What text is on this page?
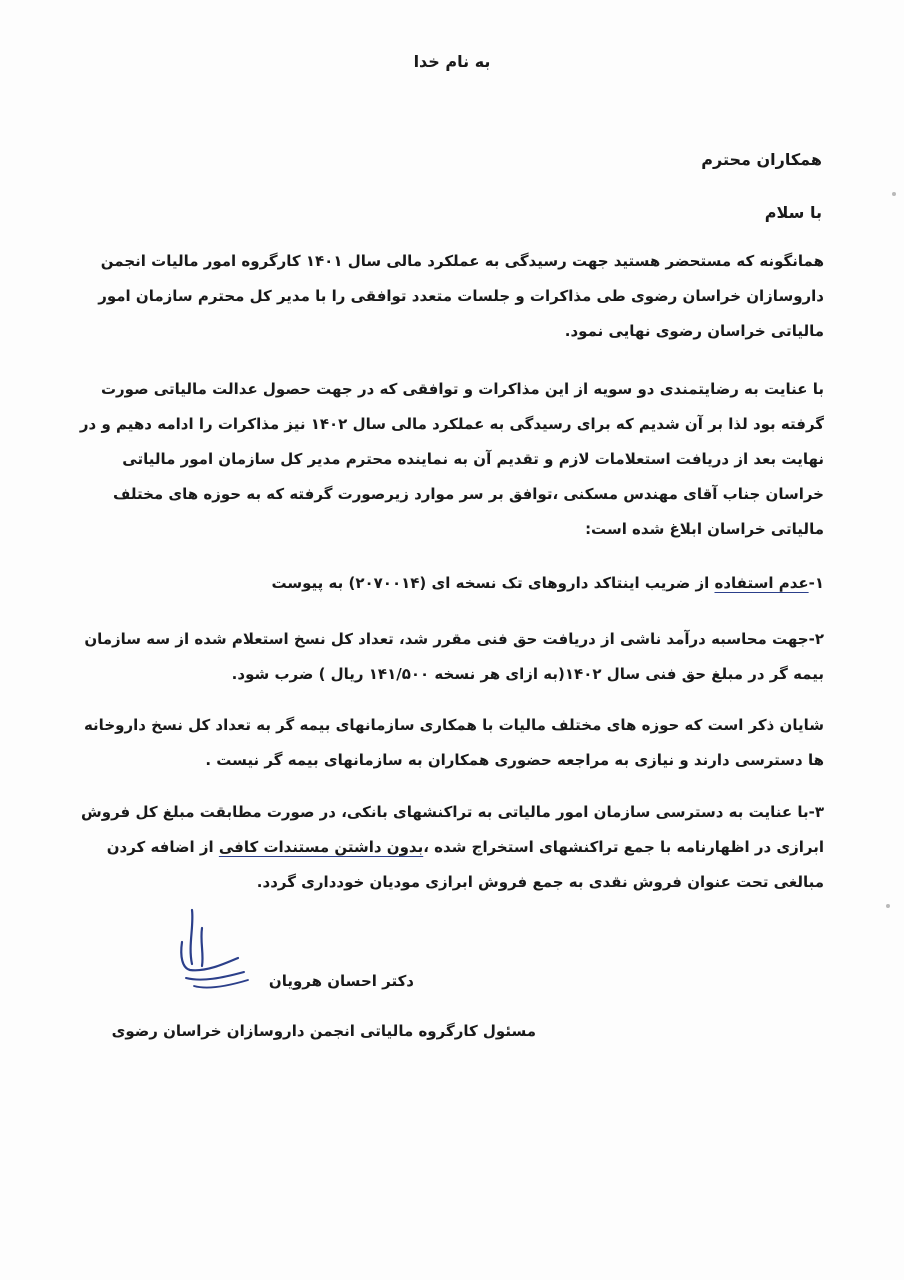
به نام خدا
همکاران محترم
با سلام
همانگونه که مستحضر هستید جهت رسیدگی به عملکرد مالی سال ۱۴۰۱ کارگروه امور مالیات انجمن
داروسازان خراسان رضوی طی مذاکرات و جلسات متعدد توافقی را با مدیر کل محترم سازمان امور
مالیاتی خراسان رضوی نهایی نمود.
با عنایت به رضایتمندی دو سویه از این مذاکرات و توافقی که در جهت حصول عدالت مالیاتی صورت
گرفته بود لذا بر آن شدیم که برای رسیدگی به عملکرد مالی سال ۱۴۰۲ نیز مذاکرات را ادامه دهیم و در
نهایت بعد از دریافت استعلامات لازم و تقدیم آن به نماینده محترم مدیر کل سازمان امور مالیاتی
خراسان جناب آقای مهندس مسکنی ،توافق بر سر موارد زیرصورت گرفته که به حوزه های مختلف
مالیاتی خراسان ابلاغ شده است:
۱-عدم استفاده از ضریب اینتاکد داروهای تک نسخه ای (۲۰۷۰۰۱۴) به پیوست
۲-جهت محاسبه درآمد ناشی از دریافت حق فنی مقرر شد، تعداد کل نسخ استعلام شده از سه سازمان
بیمه گر در مبلغ حق فنی سال ۱۴۰۲(به ازای هر نسخه ۱۴۱/۵۰۰ ریال ) ضرب شود.
شایان ذکر است که حوزه های مختلف مالیات با همکاری سازمانهای بیمه گر به تعداد کل نسخ داروخانه
ها دسترسی دارند و نیازی به مراجعه حضوری همکاران به سازمانهای بیمه گر نیست .
۳-با عنایت به دسترسی سازمان امور مالیاتی به تراکنشهای بانکی، در صورت مطابقت مبلغ کل فروش
ابرازی در اظهارنامه با جمع تراکنشهای استخراج شده ،بدون داشتن مستندات کافی از اضافه کردن
مبالغی تحت عنوان فروش نقدی به جمع فروش ابرازی مودیان خودداری گردد.
دکتر احسان هرویان
مسئول کارگروه مالیاتی انجمن داروسازان خراسان رضوی
